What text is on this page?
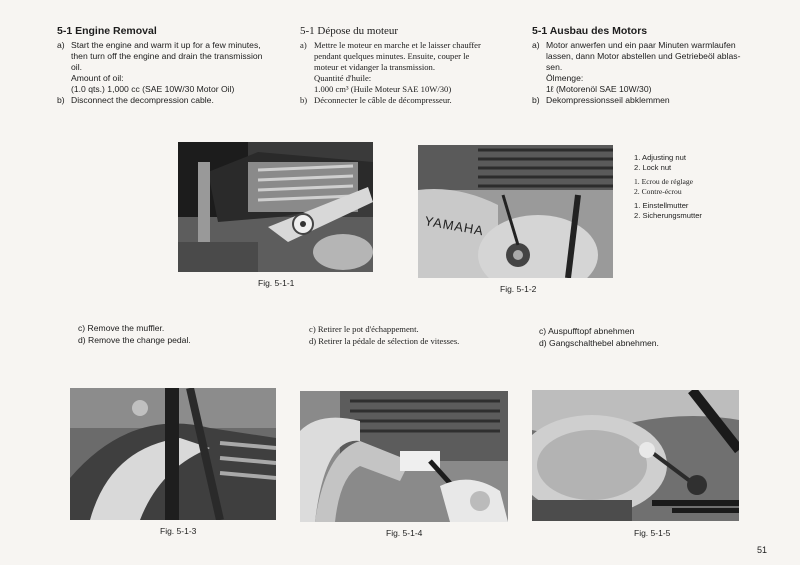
5-1 Engine Removal
a) Start the engine and warm it up for a few minutes,
then turn off the engine and drain the transmission
oil.
Amount of oil:
(1.0 qts.) 1,000 cc (SAE 10W/30 Motor Oil)
b) Disconnect the decompression cable.
5-1 Dépose du moteur
a) Mettre le moteur en marche et le laisser chauffer
pendant quelques minutes. Ensuite, couper le
moteur et vidanger la transmission.
Quantité d'huile:
1.000 cm³ (Huile Moteur SAE 10W/30)
b) Déconnecter le câble de décompresseur.
5-1 Ausbau des Motors
a) Motor anwerfen und ein paar Minuten warmlaufen
lassen, dann Motor abstellen und Getriebeöl ablas-
sen.
Ölmenge:
1ℓ (Motorenöl SAE 10W/30)
b) Dekompressionsseil abklemmen
Fig. 5-1-1
YAMAHA
Fig. 5-1-2
1. Adjusting nut
2. Lock nut
1. Ecrou de réglage
2. Contre-écrou
1. Einstellmutter
2. Sicherungsmutter
c) Remove the muffler.
d) Remove the change pedal.
c) Retirer le pot d'échappement.
d) Retirer la pédale de sélection de vitesses.
c) Auspufftopf abnehmen
d) Gangschalthebel abnehmen.
Fig. 5-1-3	Fig. 5-1-4	Fig. 5-1-5
51
